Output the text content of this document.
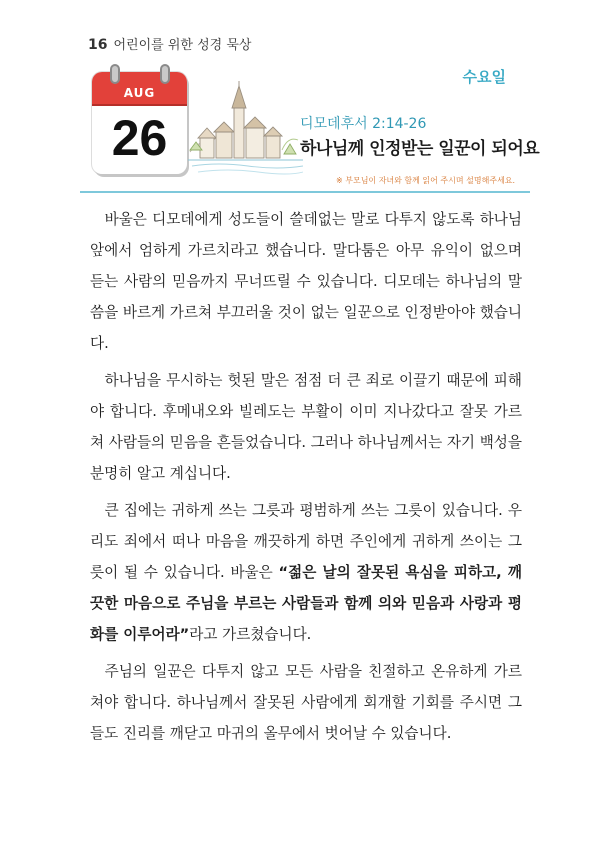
16 어린이를 위한 성경 묵상
수요일
AUG
26	디모데후서 2:14-26
하나님께 인정받는 일꾼이 되어요
※ 부모님이 자녀와 함께 읽어 주시며 설명해주세요.

바울은 디모데에게 성도들이 쓸데없는 말로 다투지 않도록 하나님 앞에서 엄하게 가르치라고 했습니다. 말다툼은 아무 유익이 없으며 듣는 사람의 믿음까지 무너뜨릴 수 있습니다. 디모데는 하나님의 말씀을 바르게 가르쳐 부끄러울 것이 없는 일꾼으로 인정받아야 했습니다.

하나님을 무시하는 헛된 말은 점점 더 큰 죄로 이끌기 때문에 피해야 합니다. 후메내오와 빌레도는 부활이 이미 지나갔다고 잘못 가르쳐 사람들의 믿음을 흔들었습니다. 그러나 하나님께서는 자기 백성을 분명히 알고 계십니다.

큰 집에는 귀하게 쓰는 그릇과 평범하게 쓰는 그릇이 있습니다. 우리도 죄에서 떠나 마음을 깨끗하게 하면 주인에게 귀하게 쓰이는 그릇이 될 수 있습니다. 바울은 “젊은 날의 잘못된 욕심을 피하고, 깨끗한 마음으로 주님을 부르는 사람들과 함께 의와 믿음과 사랑과 평화를 이루어라”라고 가르쳤습니다.

주님의 일꾼은 다투지 않고 모든 사람을 친절하고 온유하게 가르쳐야 합니다. 하나님께서 잘못된 사람에게 회개할 기회를 주시면 그들도 진리를 깨닫고 마귀의 올무에서 벗어날 수 있습니다.
